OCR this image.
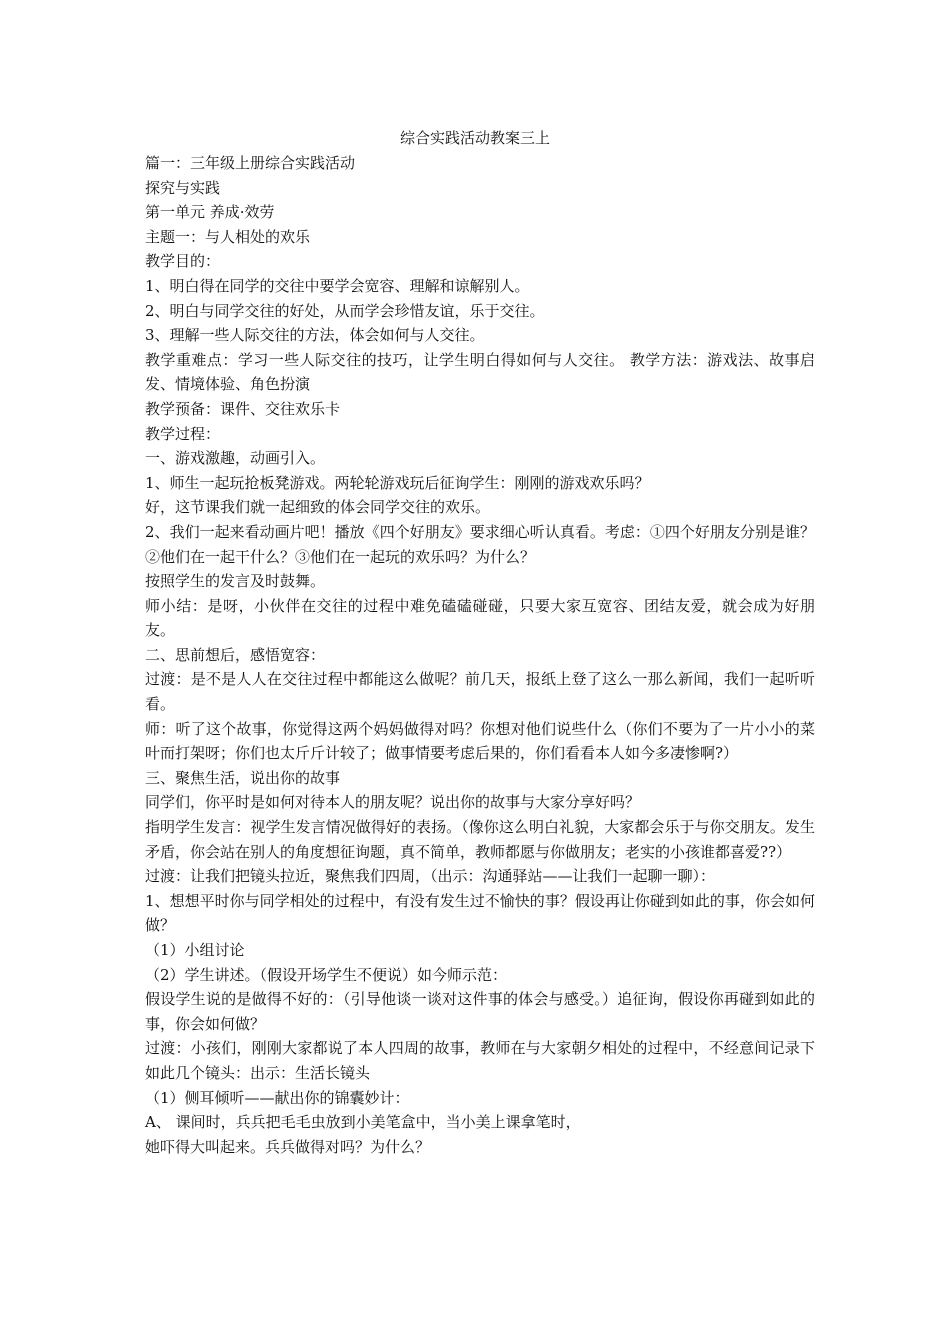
综合实践活动教案三上
篇一：三年级上册综合实践活动
探究与实践
第一单元 养成·效劳
主题一：与人相处的欢乐
教学目的：
1、明白得在同学的交往中要学会宽容、理解和谅解别人。
2、明白与同学交往的好处，从而学会珍惜友谊，乐于交往。
3、理解一些人际交往的方法，体会如何与人交往。
教学重难点：学习一些人际交往的技巧，让学生明白得如何与人交往。 教学方法：游戏法、故事启发、情境体验、角色扮演
教学预备：课件、交往欢乐卡
教学过程：
一、游戏激趣，动画引入。
1、师生一起玩抢板凳游戏。两轮轮游戏玩后征询学生：刚刚的游戏欢乐吗？
好，这节课我们就一起细致的体会同学交往的欢乐。
2、我们一起来看动画片吧！播放《四个好朋友》要求细心听认真看。考虑：①四个好朋友分别是谁？②他们在一起干什么？③他们在一起玩的欢乐吗？为什么？
按照学生的发言及时鼓舞。
师小结：是呀，小伙伴在交往的过程中难免磕磕碰碰，只要大家互宽容、团结友爱，就会成为好朋友。
二、思前想后，感悟宽容：
过渡：是不是人人在交往过程中都能这么做呢？前几天，报纸上登了这么一那么新闻，我们一起听听看。
师：听了这个故事，你觉得这两个妈妈做得对吗？你想对他们说些什么（你们不要为了一片小小的菜叶而打架呀；你们也太斤斤计较了；做事情要考虑后果的，你们看看本人如今多凄惨啊?）
三、聚焦生活，说出你的故事
同学们，你平时是如何对待本人的朋友呢？说出你的故事与大家分享好吗？
指明学生发言：视学生发言情况做得好的表扬。（像你这么明白礼貌，大家都会乐于与你交朋友。发生矛盾，你会站在别人的角度想征询题，真不简单，教师都愿与你做朋友；老实的小孩谁都喜爱??）
过渡：让我们把镜头拉近，聚焦我们四周，（出示：沟通驿站——让我们一起聊一聊）：
1、想想平时你与同学相处的过程中，有没有发生过不愉快的事？假设再让你碰到如此的事，你会如何做？
（1）小组讨论
（2）学生讲述。（假设开场学生不便说）如今师示范：
假设学生说的是做得不好的：（引导他谈一谈对这件事的体会与感受。）追征询，假设你再碰到如此的事，你会如何做？
过渡：小孩们，刚刚大家都说了本人四周的故事，教师在与大家朝夕相处的过程中，不经意间记录下如此几个镜头：出示：生活长镜头
（1）侧耳倾听——献出你的锦囊妙计：
A、 课间时，兵兵把毛毛虫放到小美笔盒中，当小美上课拿笔时，
她吓得大叫起来。兵兵做得对吗？为什么？
